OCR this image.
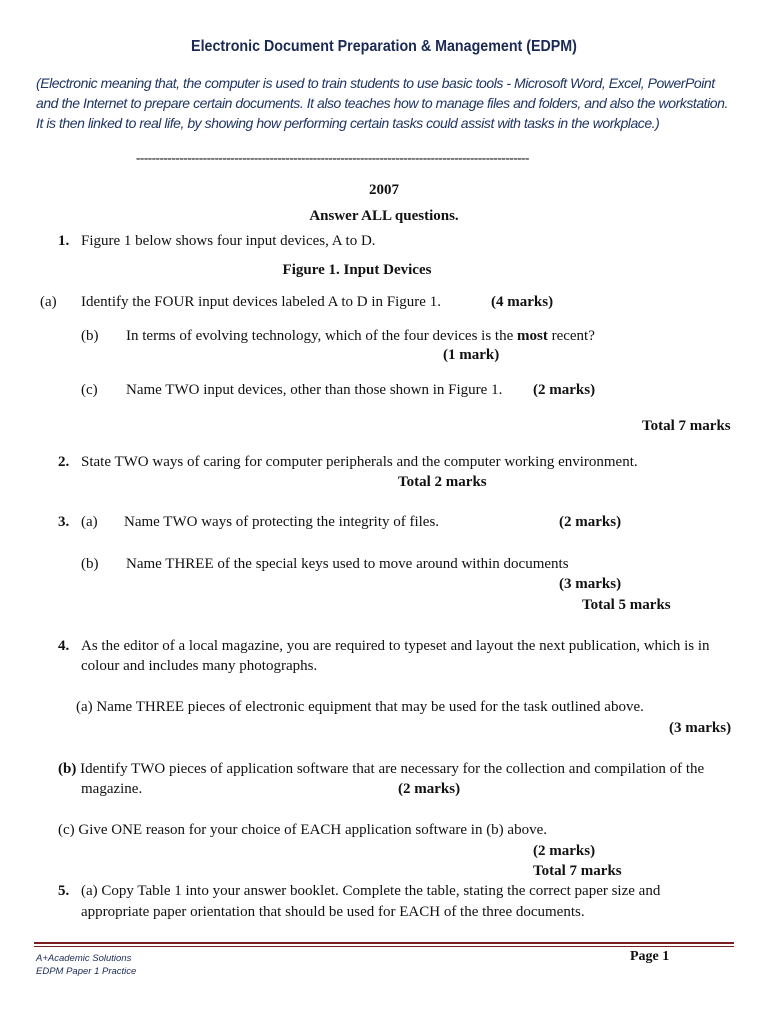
Electronic Document Preparation & Management (EDPM)
(Electronic meaning that, the computer is used to train students to use basic tools - Microsoft Word, Excel, PowerPoint and the Internet to prepare certain documents. It also teaches how to manage files and folders, and also the workstation. It is then linked to real life, by showing how performing certain tasks could assist with tasks in the workplace.)
----------------------------------------------------------------------------------------------------
2007
Answer ALL questions.
1. Figure 1 below shows four input devices, A to D.
Figure 1. Input Devices
(a) Identify the FOUR input devices labeled A to D in Figure 1.	(4 marks)
(b) In terms of evolving technology, which of the four devices is the most recent?
(1 mark)
(c) Name TWO input devices, other than those shown in Figure 1. (2 marks)
Total 7 marks
2. State TWO ways of caring for computer peripherals and the computer working environment.
Total 2 marks
3. (a) Name TWO ways of protecting the integrity of files.	(2 marks)
(b) Name THREE of the special keys used to move around within documents
(3 marks)
Total 5 marks
4. As the editor of a local magazine, you are required to typeset and layout the next publication, which is in
colour and includes many photographs.
(a) Name THREE pieces of electronic equipment that may be used for the task outlined above.
(3 marks)
(b) Identify TWO pieces of application software that are necessary for the collection and compilation of the
magazine.	(2 marks)
(c) Give ONE reason for your choice of EACH application software in (b) above.
(2 marks)
Total 7 marks
5. (a) Copy Table 1 into your answer booklet. Complete the table, stating the correct paper size and
appropriate paper orientation that should be used for EACH of the three documents.
A+Academic Solutions
EDPM Paper 1 Practice
Page 1
